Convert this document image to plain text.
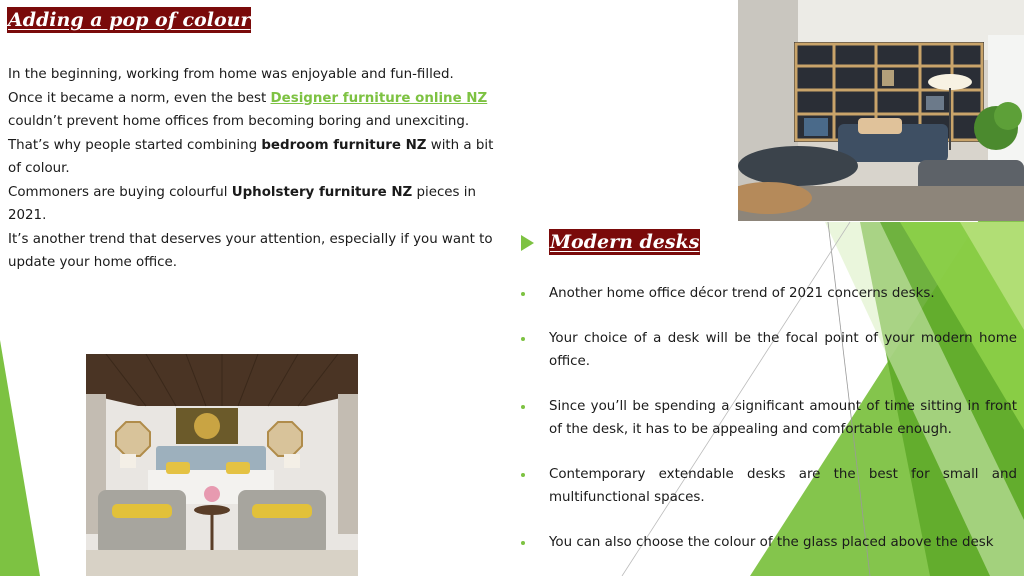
Adding a pop of colour
In the beginning, working from home was enjoyable and fun-filled.
Once it became a norm, even the best Designer furniture online NZ couldn’t prevent home offices from becoming boring and unexciting.
That’s why people started combining bedroom furniture NZ with a bit of colour.
Commoners are buying colourful Upholstery furniture NZ pieces in 2021.
It’s another trend that deserves your attention, especially if you want to update your home office.
Modern desks
Another home office décor trend of 2021 concerns desks.
Your choice of a desk will be the focal point of your modern home office.
Since you’ll be spending a significant amount of time sitting in front of the desk, it has to be appealing and comfortable enough.
Contemporary extendable desks are the best for small and multifunctional spaces.
You can also choose the colour of the glass placed above the desk
